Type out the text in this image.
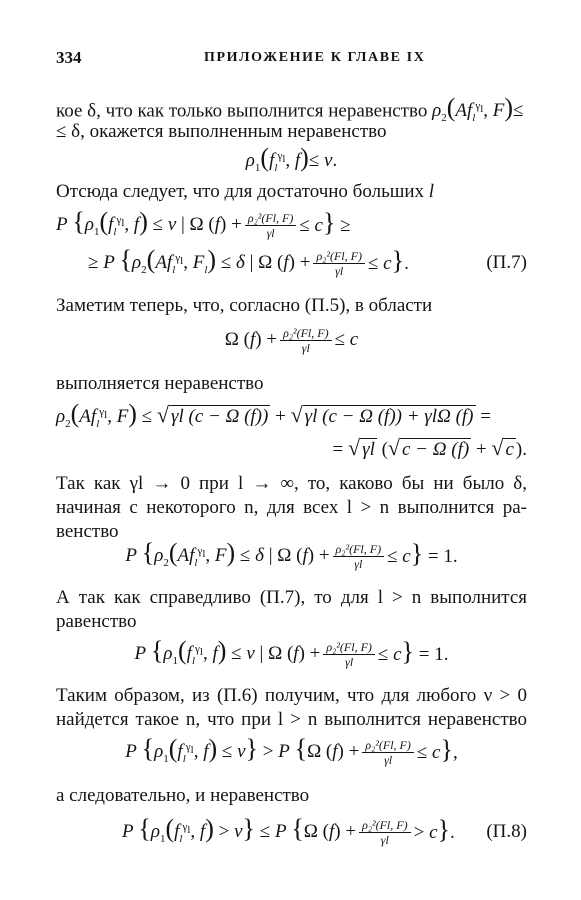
334	ПРИЛОЖЕНИЕ К ГЛАВЕ IX
кое δ, что как только выполнится неравенство $\rho_2(Af_l^{\gamma_l}$, F)≤
≤ δ, окажется выполненным неравенство
$\rho_1(f_l^{\gamma_l}$, f)≤ ν.
Отсюда следует, что для достаточно больших l
P {$\rho_1(f_l^{\gamma_l}$, f) ≤ ν | Ω $(f) + \frac{\text{ρ₂²(Fl, F)}}{\gamma l} \le c$} ≥
≥ P {$\rho_2(Af_l^{\gamma_l}$, $F_l) \le \delta$ | Ω $(f) + \frac{\text{ρ₂²(Fl, F)}}{\gamma l} \le c$}.	(П.7)
Заметим теперь, что, согласно (П.5), в области
Ω $(f) + \frac{\text{ρ₂²(Fl, F)}}{\gamma l} \le c$
выполняется неравенство
$\rho_2(Af_l^{\gamma_l}$, F) ≤ √ γl (c − Ω (f)) + √ γl (c − Ω (f)) + γlΩ (f) =
= √ γl (√ c − Ω (f) + √ c ).
Так как γl → 0 при l → ∞, то, каково бы ни было δ,
начиная с некоторого n, для всех l > n выполнится ра-
венство
P {$\rho_2(Af_l^{\gamma_l}$, F) ≤ δ | Ω $(f) + \frac{\text{ρ₂²(Fl, F)}}{\gamma l} \le c\} = 1$.
А так как справедливо (П.7), то для l > n выполнится
равенство
P {$\rho_1(f_l^{\gamma_l}$, f) ≤ ν | Ω $(f) + \frac{\text{ρ₂²(Fl, F)}}{\gamma l} \le c\} = 1$.
Таким образом, из (П.6) получим, что для любого ν > 0
найдется такое n, что при l > n выполнится неравенство
P {$\rho_1(f_l^{\gamma_l}$, f) ≤ ν} > P {Ω $(f) + \frac{\text{ρ₂²(Fl, F)}}{\gamma l} \le c$},
а следовательно, и неравенство
P {$\rho_1(f_l^{\gamma_l}$, f) > ν} ≤ P {Ω $(f) + \frac{\text{ρ₂²(Fl, F)}}{\gamma l} > c$}. (П.8)
